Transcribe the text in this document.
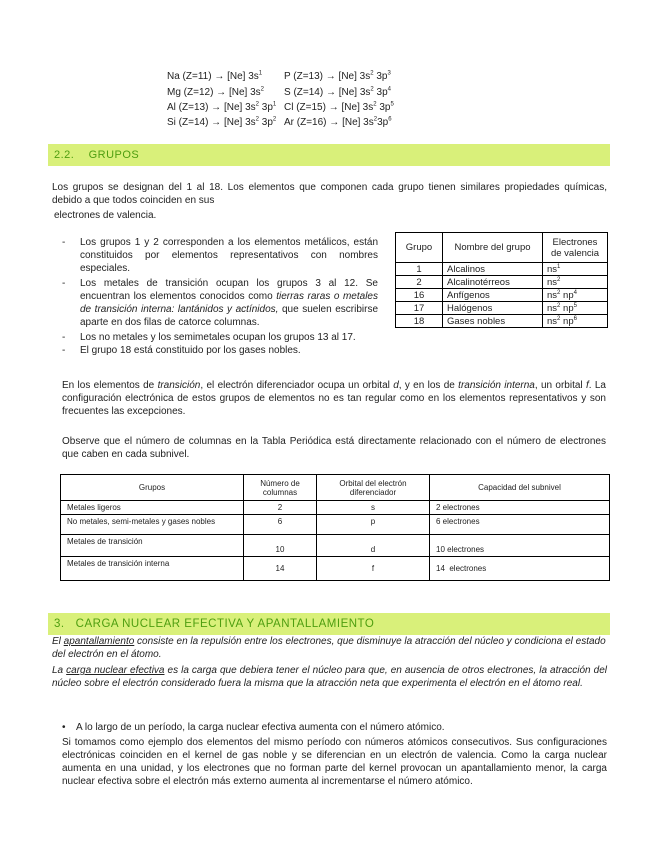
Na (Z=11) → [Ne] $3s^1$ P (Z=13) → [Ne] $3s^2$ $3p^3$
Mg (Z=12) → [Ne] $3s^2$ S (Z=14) → [Ne] $3s^2$ $3p^4$
Al (Z=13) → [Ne] $3s^2$ $3p^1$ Cl (Z=15) → [Ne] $3s^2$ $3p^5$
Si (Z=14) → [Ne] $3s^2$ $3p^2$ Ar (Z=16) → [Ne] $3s^23p^6$
2.2.    GRUPOS
Los grupos se designan del 1 al 18. Los elementos que componen cada grupo tienen similares propiedades químicas, debido a que todos coinciden en sus
electrones de valencia.
- Los grupos 1 y 2 corresponden a los elementos metálicos, están constituidos por elementos representativos con nombres especiales.
- Los metales de transición ocupan los grupos 3 al 12. Se encuentran los elementos conocidos como tierras raras o metales de transición interna: lantánidos y actínidos, que suelen escribirse aparte en dos filas de catorce columnas.
- Los no metales y los semimetales ocupan los grupos 13 al 17.
- El grupo 18 está constituido por los gases nobles.
Grupo	Nombre del grupo	Electrones de valencia
1	Alcalinos	$ns^1$
2	Alcalinotérreos	$ns^2$
16	Anfígenos	$ns^2$ $np^4$
17	Halógenos	$ns^2$ $np^5$
18	Gases nobles	$ns^2$ $np^6$
En los elementos de transición, el electrón diferenciador ocupa un orbital d, y en los de transición interna, un orbital f. La configuración electrónica de estos grupos de elementos no es tan regular como en los elementos representativos y son frecuentes las excepciones.
Observe que el número de columnas en la Tabla Periódica está directamente relacionado con el número de electrones que caben en cada subnivel.
Grupos	Número de columnas	Orbital del electrón diferenciador	Capacidad del subnivel
Metales ligeros	2	s	2 electrones
No metales, semi-metales y gases nobles	6	p	6 electrones
Metales de transición	10	d	10 electrones
Metales de transición interna	14	f	14  electrones
3.   CARGA NUCLEAR EFECTIVA Y APANTALLAMIENTO
El apantallamiento consiste en la repulsión entre los electrones, que disminuye la atracción del núcleo y condiciona el estado del electrón en el átomo.
La carga nuclear efectiva es la carga que debiera tener el núcleo para que, en ausencia de otros electrones, la atracción del núcleo sobre el electrón considerado fuera la misma que la atracción neta que experimenta el electrón en el átomo real.
• A lo largo de un período, la carga nuclear efectiva aumenta con el número atómico.
Si tomamos como ejemplo dos elementos del mismo período con números atómicos consecutivos. Sus configuraciones electrónicas coinciden en el kernel de gas noble y se diferencian en un electrón de valencia. Como la carga nuclear aumenta en una unidad, y los electrones que no forman parte del kernel provocan un apantallamiento menor, la carga nuclear efectiva sobre el electrón más externo aumenta al incrementarse el número atómico.
